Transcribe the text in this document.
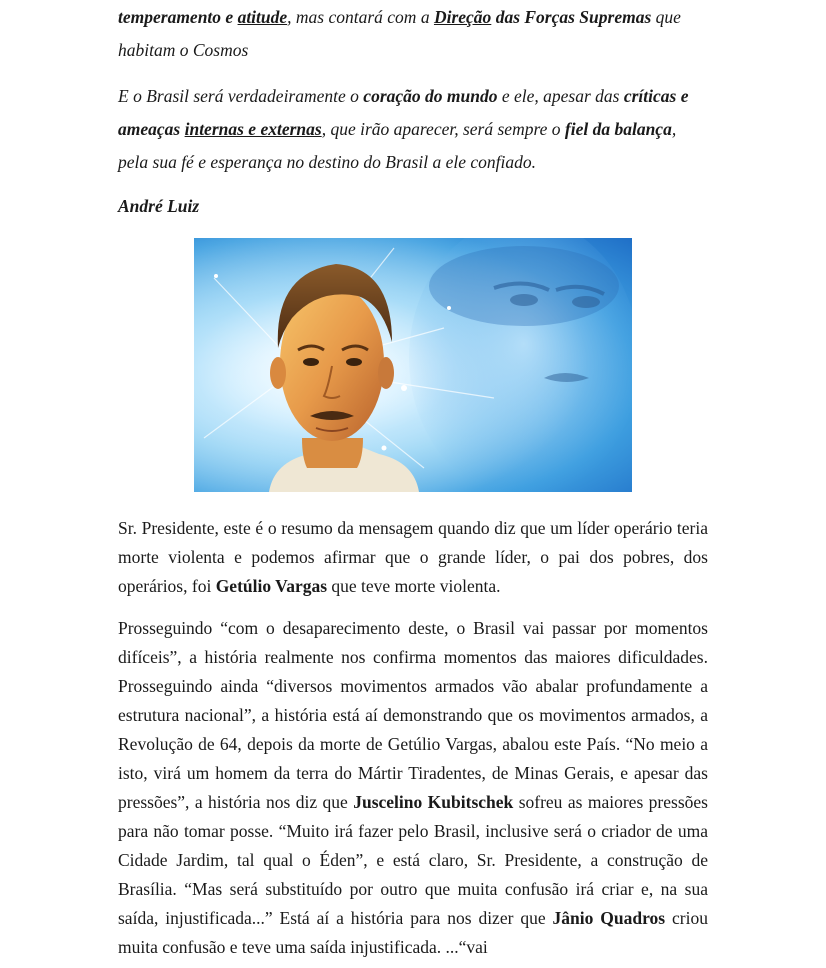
temperamento e atitude, mas contará com a Direção das Forças Supremas que habitam o Cosmos

E o Brasil será verdadeiramente o coração do mundo e ele, apesar das críticas e ameaças internas e externas, que irão aparecer, será sempre o fiel da balança, pela sua fé e esperança no destino do Brasil a ele confiado.

André Luiz

Sr. Presidente, este é o resumo da mensagem quando diz que um líder operário teria morte violenta e podemos afirmar que o grande líder, o pai dos pobres, dos operários, foi Getúlio Vargas que teve morte violenta.

Prosseguindo “com o desaparecimento deste, o Brasil vai passar por momentos difíceis”, a história realmente nos confirma momentos das maiores dificuldades. Prosseguindo ainda “diversos movimentos armados vão abalar profundamente a estrutura nacional”, a história está aí demonstrando que os movimentos armados, a Revolução de 64, depois da morte de Getúlio Vargas, abalou este País. “No meio a isto, virá um homem da terra do Mártir Tiradentes, de Minas Gerais, e apesar das pressões”, a história nos diz que Juscelino Kubitschek sofreu as maiores pressões para não tomar posse. “Muito irá fazer pelo Brasil, inclusive será o criador de uma Cidade Jardim, tal qual o Éden”, e está claro, Sr. Presidente, a construção de Brasília. “Mas será substituído por outro que muita confusão irá criar e, na sua saída, injustificada...” Está aí a história para nos dizer que Jânio Quadros criou muita confusão e teve uma saída injustificada. ...“vai
